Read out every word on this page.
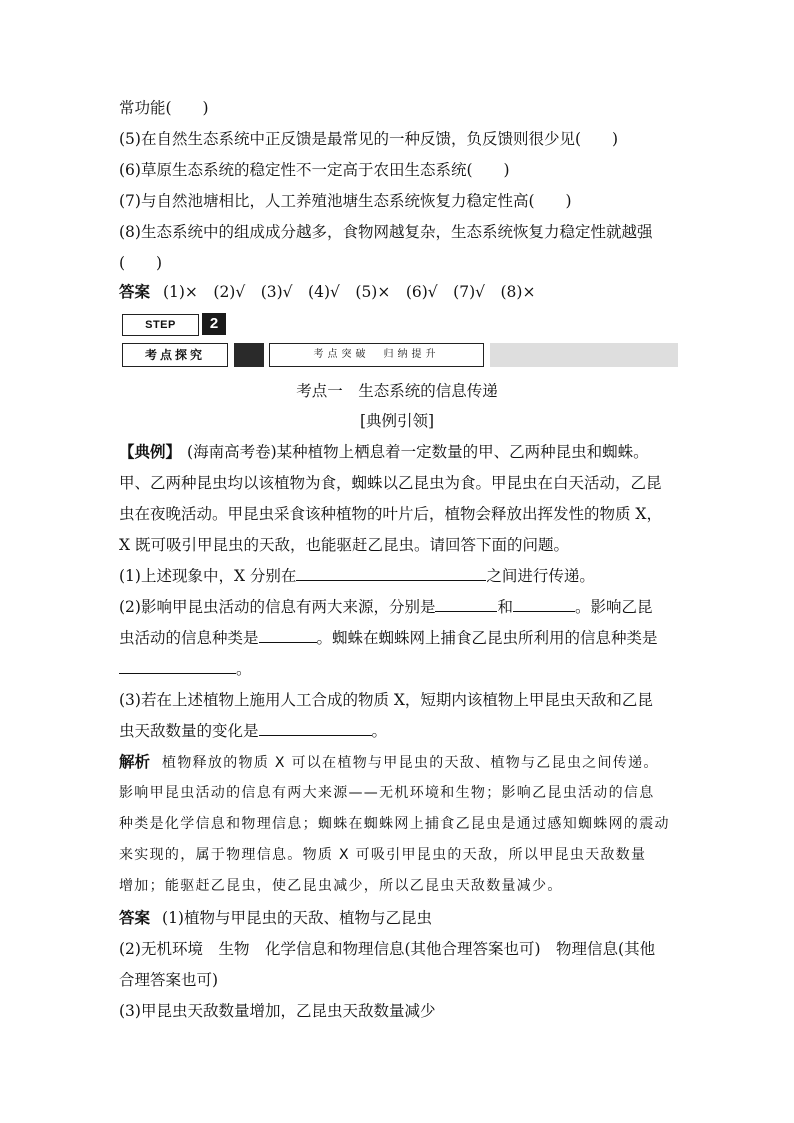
常功能(　　)
(5)在自然生态系统中正反馈是最常见的一种反馈，负反馈则很少见(　　)
(6)草原生态系统的稳定性不一定高于农田生态系统(　　)
(7)与自然池塘相比，人工养殖池塘生态系统恢复力稳定性高(　　)
(8)生态系统中的组成成分越多，食物网越复杂，生态系统恢复力稳定性就越强
(　　)
答案 (1)×　(2)√　(3)√　(4)√　(5)×　(6)√　(7)√　(8)×
STEP	2
考点探究	考点突破　归纳提升
考点一　生态系统的信息传递
[典例引领]
【典例】 (海南高考卷)某种植物上栖息着一定数量的甲、乙两种昆虫和蜘蛛。
甲、乙两种昆虫均以该植物为食，蜘蛛以乙昆虫为食。甲昆虫在白天活动，乙昆
虫在夜晚活动。甲昆虫采食该种植物的叶片后，植物会释放出挥发性的物质 X，
X 既可吸引甲昆虫的天敌，也能驱赶乙昆虫。请回答下面的问题。
(1)上述现象中，X 分别在	之间进行传递。
(2)影响甲昆虫活动的信息有两大来源，分别是	和	。影响乙昆
虫活动的信息种类是	。蜘蛛在蜘蛛网上捕食乙昆虫所利用的信息种类是
。
(3)若在上述植物上施用人工合成的物质 X，短期内该植物上甲昆虫天敌和乙昆
虫天敌数量的变化是	。
解析 植物释放的物质 X 可以在植物与甲昆虫的天敌、植物与乙昆虫之间传递。
影响甲昆虫活动的信息有两大来源——无机环境和生物；影响乙昆虫活动的信息
种类是化学信息和物理信息；蜘蛛在蜘蛛网上捕食乙昆虫是通过感知蜘蛛网的震动
来实现的，属于物理信息。物质 X 可吸引甲昆虫的天敌，所以甲昆虫天敌数量
增加；能驱赶乙昆虫，使乙昆虫减少，所以乙昆虫天敌数量减少。
答案 (1)植物与甲昆虫的天敌、植物与乙昆虫
(2)无机环境　生物　化学信息和物理信息(其他合理答案也可)　物理信息(其他
合理答案也可)
(3)甲昆虫天敌数量增加，乙昆虫天敌数量减少
